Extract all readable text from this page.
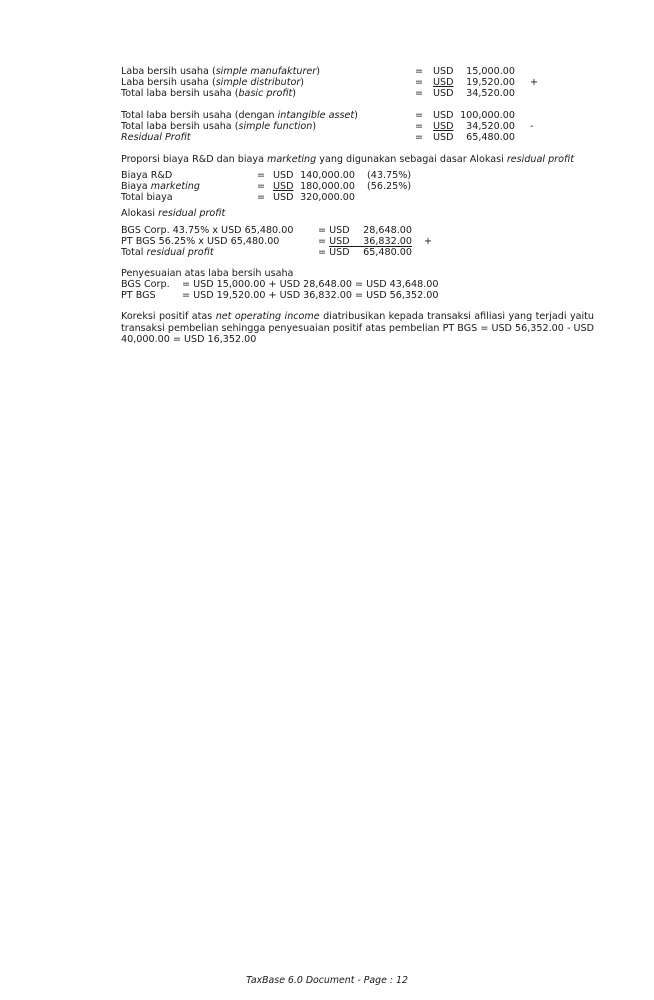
Laba bersih usaha (simple manufakturer)	= USD	15,000.00
Laba bersih usaha (simple distributor)	= USD 19,520.00 +
Total laba bersih usaha (basic profit)	= USD	34,520.00
Total laba bersih usaha (dengan intangible asset)	= USD 100,000.00
Total laba bersih usaha (simple function)	= USD 34,520.00 -
Residual Profit	= USD	65,480.00
Proporsi biaya R&D dan biaya marketing yang digunakan sebagai dasar Alokasi residual profit
Biaya R&D	= USD 140,000.00 (43.75%)
Biaya marketing	= USD 180,000.00 (56.25%)
Total biaya	= USD 320,000.00
Alokasi residual profit
BGS Corp. 43.75% x USD 65,480.00	= USD	28,648.00
PT BGS 56.25% x USD 65,480.00	= USD	36,832.00 +
Total residual profit	= USD	65,480.00
Penyesuaian atas laba bersih usaha
BGS Corp. = USD 15,000.00 + USD 28,648.00 = USD 43,648.00
PT BGS	= USD 19,520.00 + USD 36,832.00 = USD 56,352.00
Koreksi positif atas net operating income diatribusikan kepada transaksi afiliasi yang terjadi yaitu transaksi pembelian sehingga penyesuaian positif atas pembelian PT BGS = USD 56,352.00 - USD 40,000.00 = USD 16,352.00
TaxBase 6.0 Document - Page : 12
